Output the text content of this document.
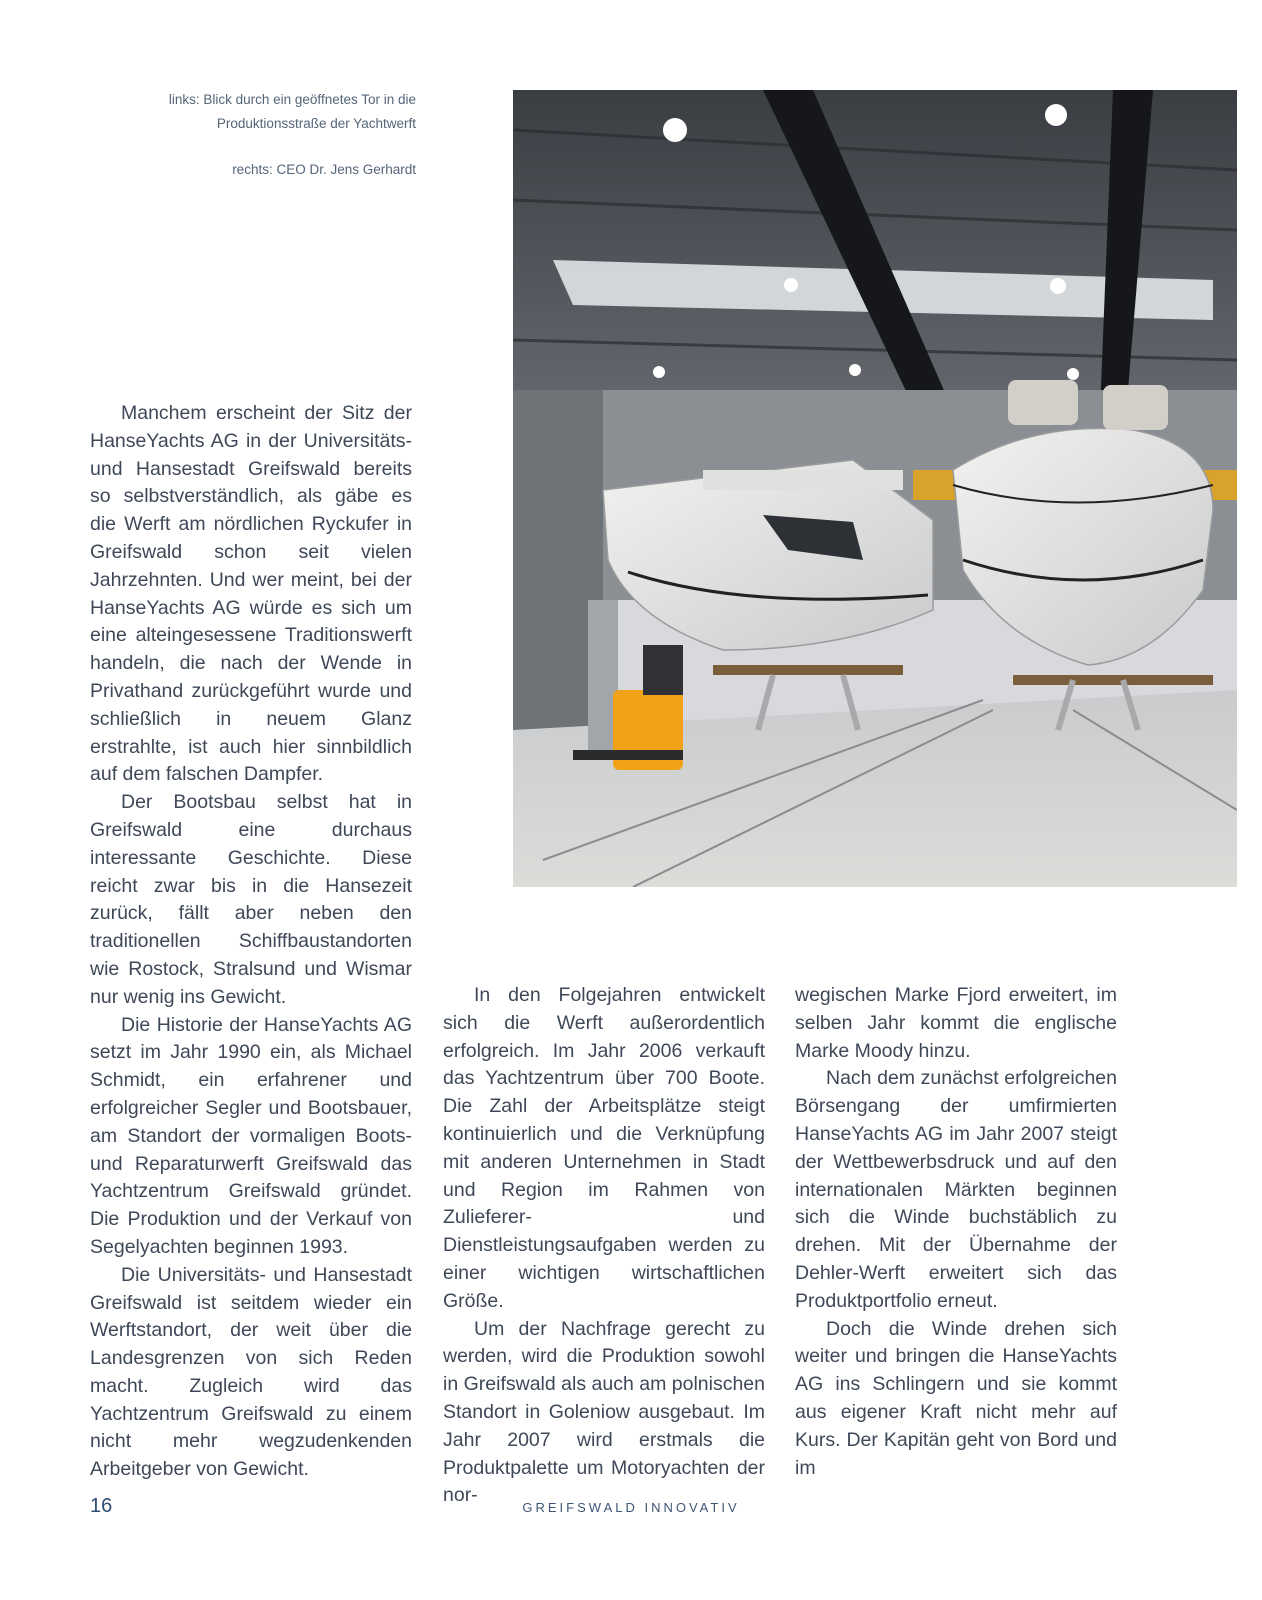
links: Blick durch ein geöffnetes Tor in die
Produktionsstraße der Yachtwerft
rechts: CEO Dr. Jens Gerhardt

Manchem erscheint der Sitz der HanseYachts AG in der Universitäts- und Hansestadt Greifswald bereits so selbstverständlich, als gäbe es die Werft am nördlichen Ryckufer in Greifswald schon seit vielen Jahrzehnten. Und wer meint, bei der HanseYachts AG würde es sich um eine alteingesessene Traditionswerft handeln, die nach der Wende in Privathand zurückgeführt wurde und schließlich in neuem Glanz erstrahlte, ist auch hier sinnbildlich auf dem falschen Dampfer.

Der Bootsbau selbst hat in Greifswald eine durchaus interessante Geschichte. Diese reicht zwar bis in die Hansezeit zurück, fällt aber neben den traditionellen Schiffbaustandorten wie Rostock, Stralsund und Wismar nur wenig ins Gewicht.

Die Historie der HanseYachts AG setzt im Jahr 1990 ein, als Michael Schmidt, ein erfahrener und erfolgreicher Segler und Bootsbauer, am Standort der vormaligen Boots- und Reparaturwerft Greifswald das Yachtzentrum Greifswald gründet. Die Produktion und der Verkauf von Segelyachten beginnen 1993.

Die Universitäts- und Hansestadt Greifswald ist seitdem wieder ein Werftstandort, der weit über die Landesgrenzen von sich Reden macht. Zugleich wird das Yachtzentrum Greifswald zu einem nicht mehr wegzudenkenden Arbeitgeber von Gewicht.

In den Folgejahren entwickelt sich die Werft außerordentlich erfolgreich. Im Jahr 2006 verkauft das Yachtzentrum über 700 Boote. Die Zahl der Arbeitsplätze steigt kontinuierlich und die Verknüpfung mit anderen Unternehmen in Stadt und Region im Rahmen von Zulieferer- und Dienstleistungsaufgaben werden zu einer wichtigen wirtschaftlichen Größe.

Um der Nachfrage gerecht zu werden, wird die Produktion sowohl in Greifswald als auch am polnischen Standort in Goleniow ausgebaut. Im Jahr 2007 wird erstmals die Produktpalette um Motoryachten der nor-

wegischen Marke Fjord erweitert, im selben Jahr kommt die englische Marke Moody hinzu.

Nach dem zunächst erfolgreichen Börsengang der umfirmierten HanseYachts AG im Jahr 2007 steigt der Wettbewerbsdruck und auf den internationalen Märkten beginnen sich die Winde buchstäblich zu drehen. Mit der Übernahme der Dehler-Werft erweitert sich das Produktportfolio erneut.

Doch die Winde drehen sich weiter und bringen die HanseYachts AG ins Schlingern und sie kommt aus eigener Kraft nicht mehr auf Kurs. Der Kapitän geht von Bord und im

16	GREIFSWALD INNOVATIV
